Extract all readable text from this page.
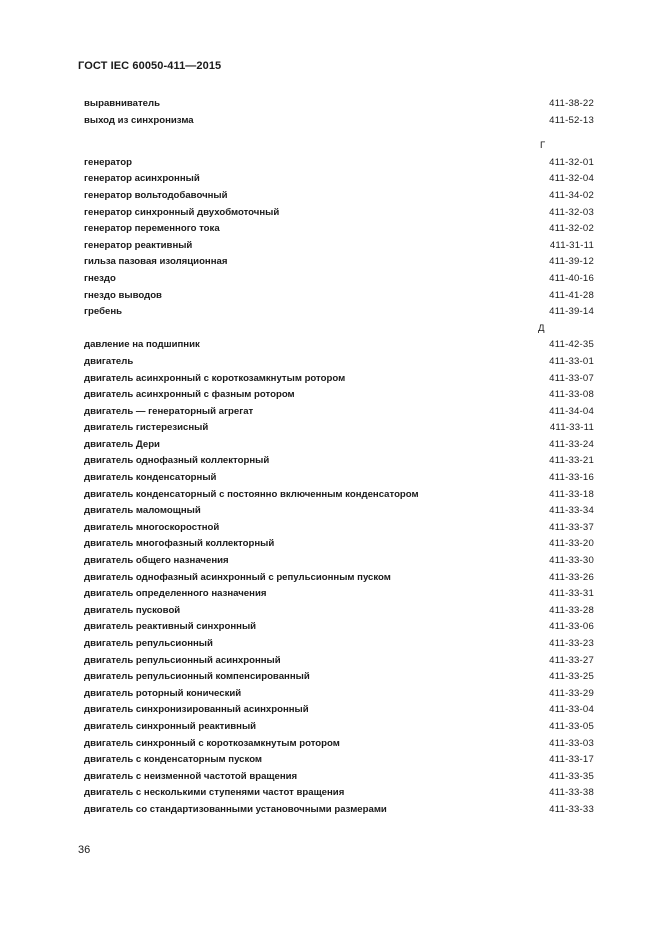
ГОСТ IEC 60050-411—2015
выравниватель	411-38-22
выход из синхронизма	411-52-13
Г
генератор	411-32-01
генератор асинхронный	411-32-04
генератор вольтодобавочный	411-34-02
генератор синхронный двухобмоточный	411-32-03
генератор переменного тока	411-32-02
генератор реактивный	411-31-11
гильза пазовая изоляционная	411-39-12
гнездо	411-40-16
гнездо выводов	411-41-28
гребень	411-39-14
Д
давление на подшипник	411-42-35
двигатель	411-33-01
двигатель асинхронный с короткозамкнутым ротором	411-33-07
двигатель асинхронный с фазным ротором	411-33-08
двигатель — генераторный агрегат	411-34-04
двигатель гистерезисный	411-33-11
двигатель Дери	411-33-24
двигатель однофазный коллекторный	411-33-21
двигатель конденсаторный	411-33-16
двигатель конденсаторный с постоянно включенным конденсатором	411-33-18
двигатель маломощный	411-33-34
двигатель многоскоростной	411-33-37
двигатель многофазный коллекторный	411-33-20
двигатель общего назначения	411-33-30
двигатель однофазный асинхронный с репульсионным пуском	411-33-26
двигатель определенного назначения	411-33-31
двигатель пусковой	411-33-28
двигатель реактивный синхронный	411-33-06
двигатель репульсионный	411-33-23
двигатель репульсионный асинхронный	411-33-27
двигатель репульсионный компенсированный	411-33-25
двигатель роторный конический	411-33-29
двигатель синхронизированный асинхронный	411-33-04
двигатель синхронный реактивный	411-33-05
двигатель синхронный с короткозамкнутым ротором	411-33-03
двигатель с конденсаторным пуском	411-33-17
двигатель с неизменной частотой вращения	411-33-35
двигатель с несколькими ступенями частот вращения	411-33-38
двигатель со стандартизованными установочными размерами	411-33-33
36
